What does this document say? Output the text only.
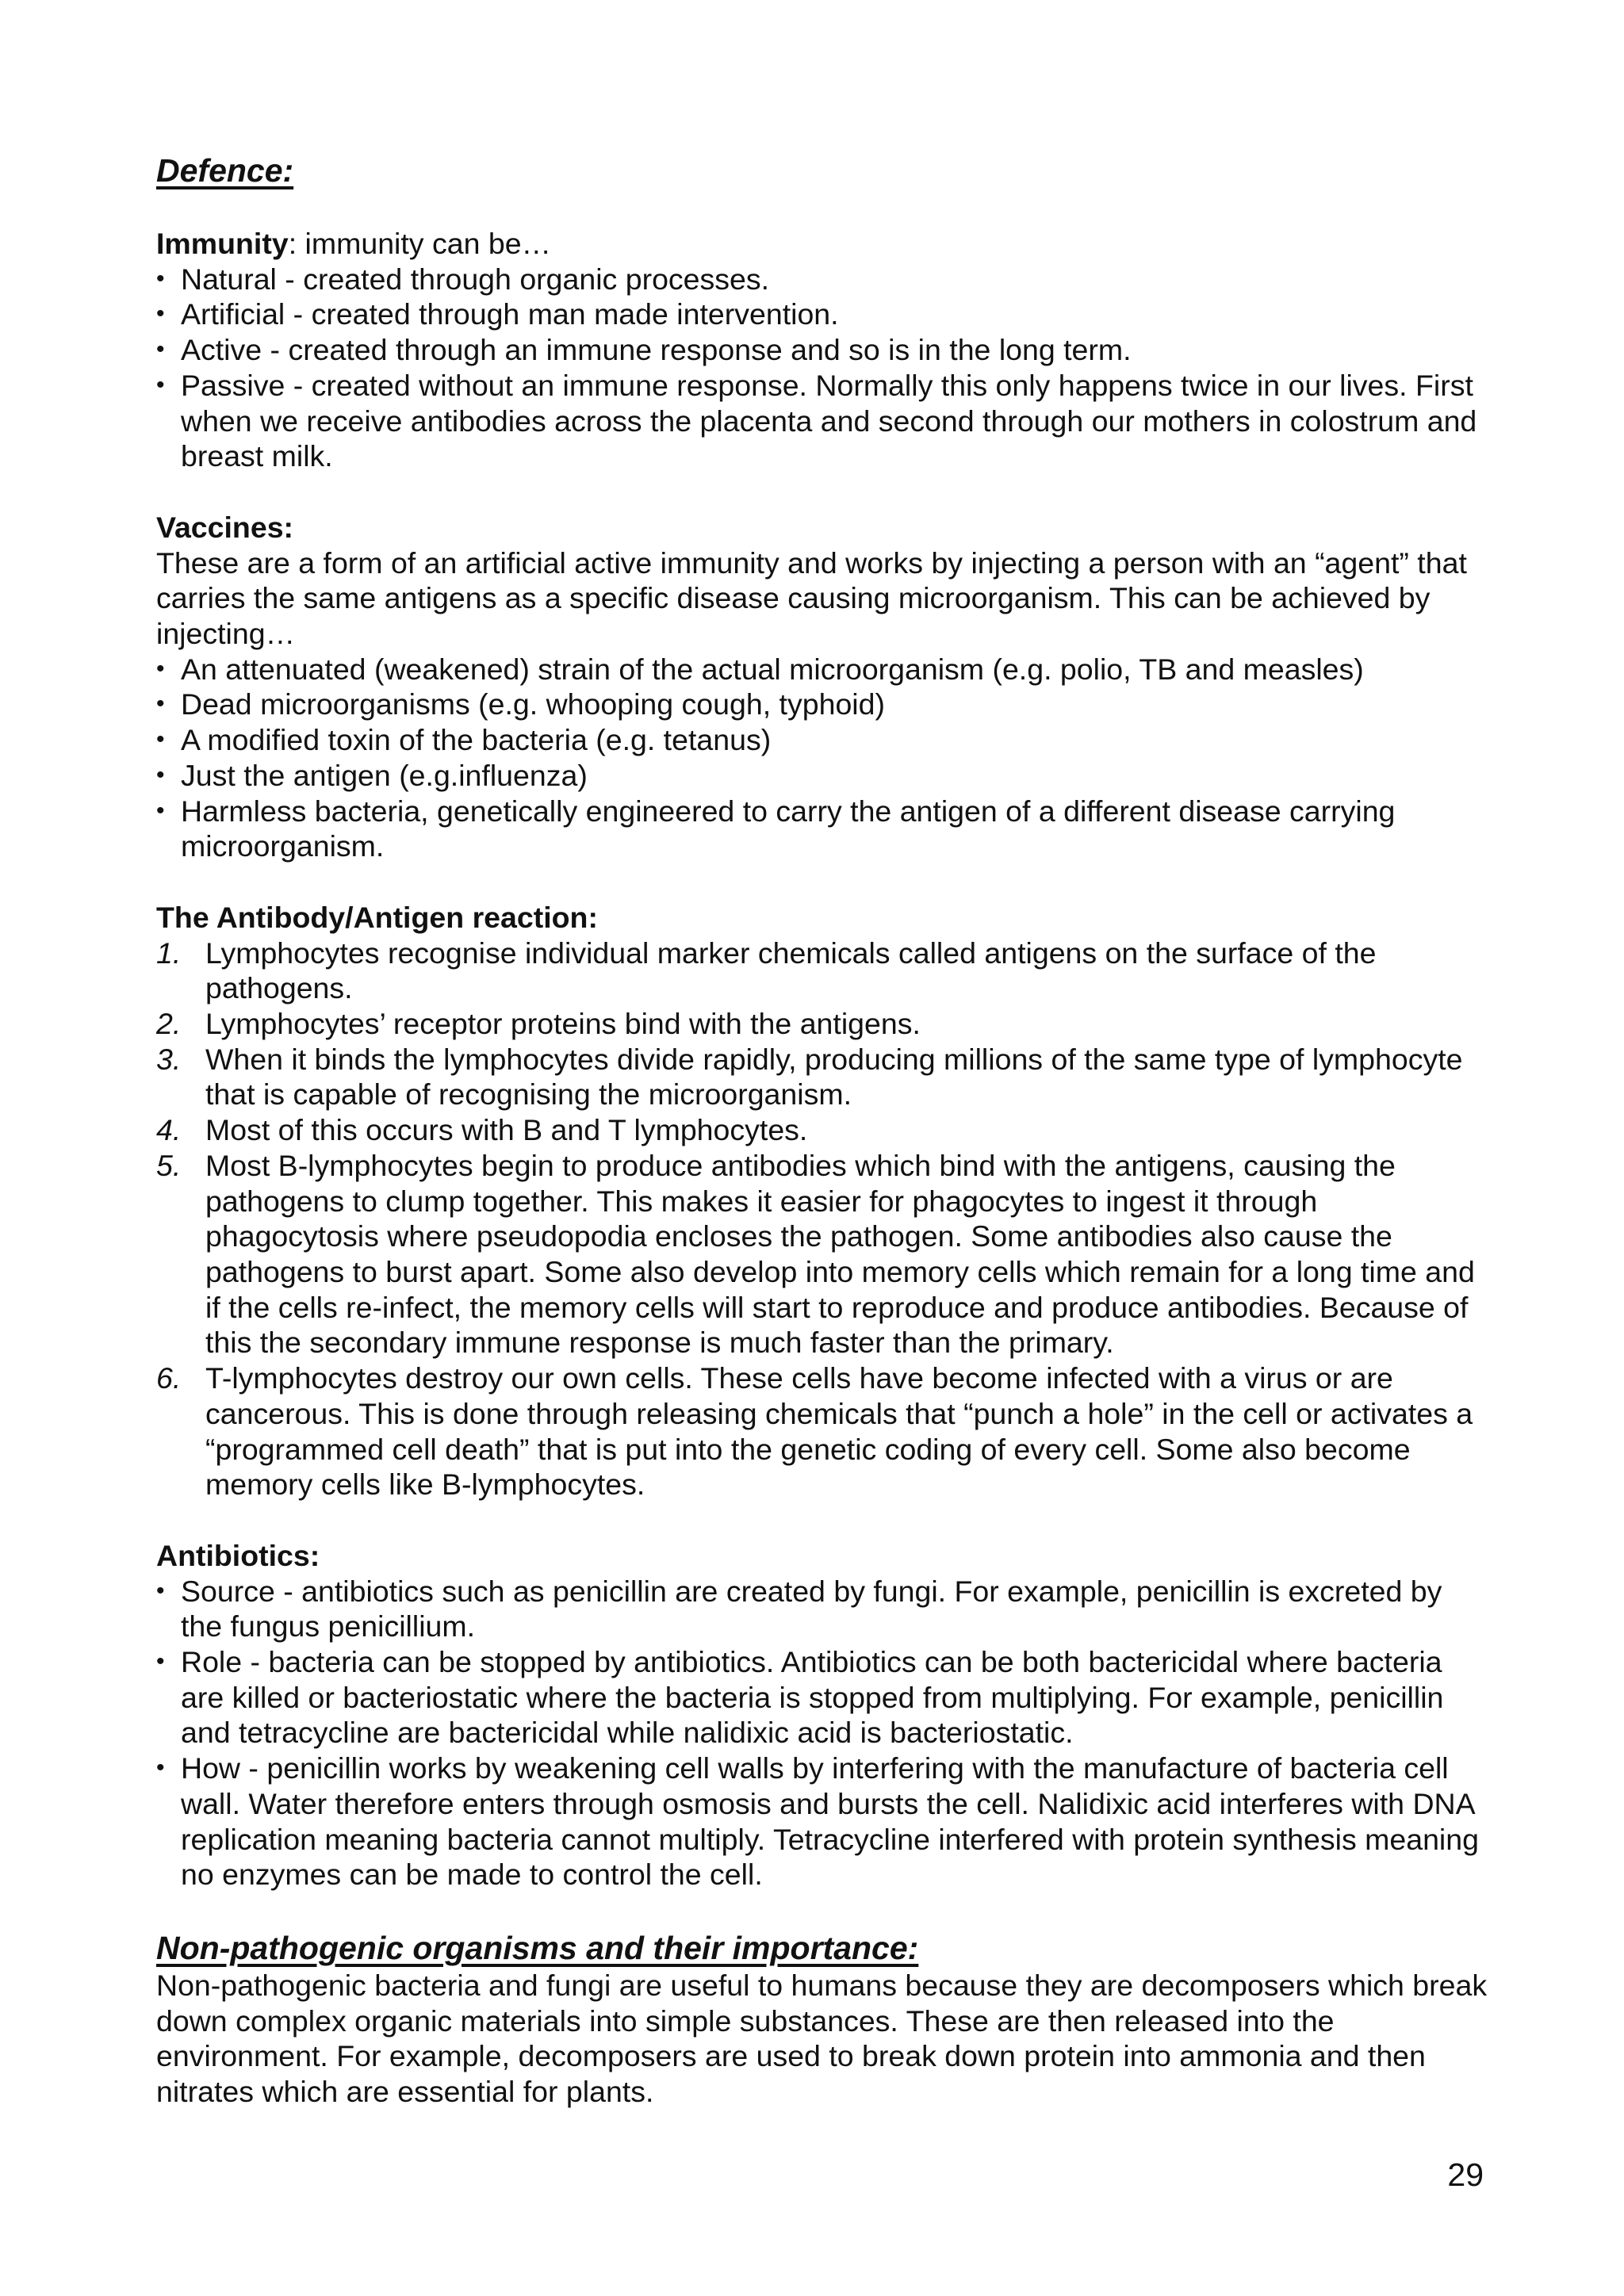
Defence:

Immunity: immunity can be…

• Natural - created through organic processes.
• Artificial - created through man made intervention.
• Active - created through an immune response and so is in the long term.
• Passive - created without an immune response. Normally this only happens twice in our lives. First when we receive antibodies across the placenta and second through our mothers in colostrum and breast milk.

Vaccines:

These are a form of an artificial active immunity and works by injecting a person with an “agent” that carries the same antigens as a specific disease causing microorganism. This can be achieved by injecting…

• An attenuated (weakened) strain of the actual microorganism (e.g. polio, TB and measles)
• Dead microorganisms (e.g. whooping cough, typhoid)
• A modified toxin of the bacteria (e.g. tetanus)
• Just the antigen (e.g.influenza)
• Harmless bacteria, genetically engineered to carry the antigen of a different disease carrying microorganism.

The Antibody/Antigen reaction:

1. Lymphocytes recognise individual marker chemicals called antigens on the surface of the pathogens.
2. Lymphocytes’ receptor proteins bind with the antigens.
3. When it binds the lymphocytes divide rapidly, producing millions of the same type of lymphocyte that is capable of recognising the microorganism.
4. Most of this occurs with B and T lymphocytes.
5. Most B-lymphocytes begin to produce antibodies which bind with the antigens, causing the pathogens to clump together. This makes it easier for phagocytes to ingest it through phagocytosis where pseudopodia encloses the pathogen. Some antibodies also cause the pathogens to burst apart. Some also develop into memory cells which remain for a long time and if the cells re-infect, the memory cells will start to reproduce and produce antibodies. Because of this the secondary immune response is much faster than the primary.
6. T-lymphocytes destroy our own cells. These cells have become infected with a virus or are cancerous. This is done through releasing chemicals that “punch a hole” in the cell or activates a “programmed cell death” that is put into the genetic coding of every cell. Some also become memory cells like B-lymphocytes.

Antibiotics:

• Source - antibiotics such as penicillin are created by fungi. For example, penicillin is excreted by the fungus penicillium.
• Role - bacteria can be stopped by antibiotics. Antibiotics can be both bactericidal where bacteria are killed or bacteriostatic where the bacteria is stopped from multiplying. For example, penicillin and tetracycline are bactericidal while nalidixic acid is bacteriostatic.
• How - penicillin works by weakening cell walls by interfering with the manufacture of bacteria cell wall. Water therefore enters through osmosis and bursts the cell. Nalidixic acid interferes with DNA replication meaning bacteria cannot multiply. Tetracycline interfered with protein synthesis meaning no enzymes can be made to control the cell.
Non-pathogenic organisms and their importance:

Non-pathogenic bacteria and fungi are useful to humans because they are decomposers which break down complex organic materials into simple substances. These are then released into the environment. For example, decomposers are used to break down protein into ammonia and then nitrates which are essential for plants.

29
